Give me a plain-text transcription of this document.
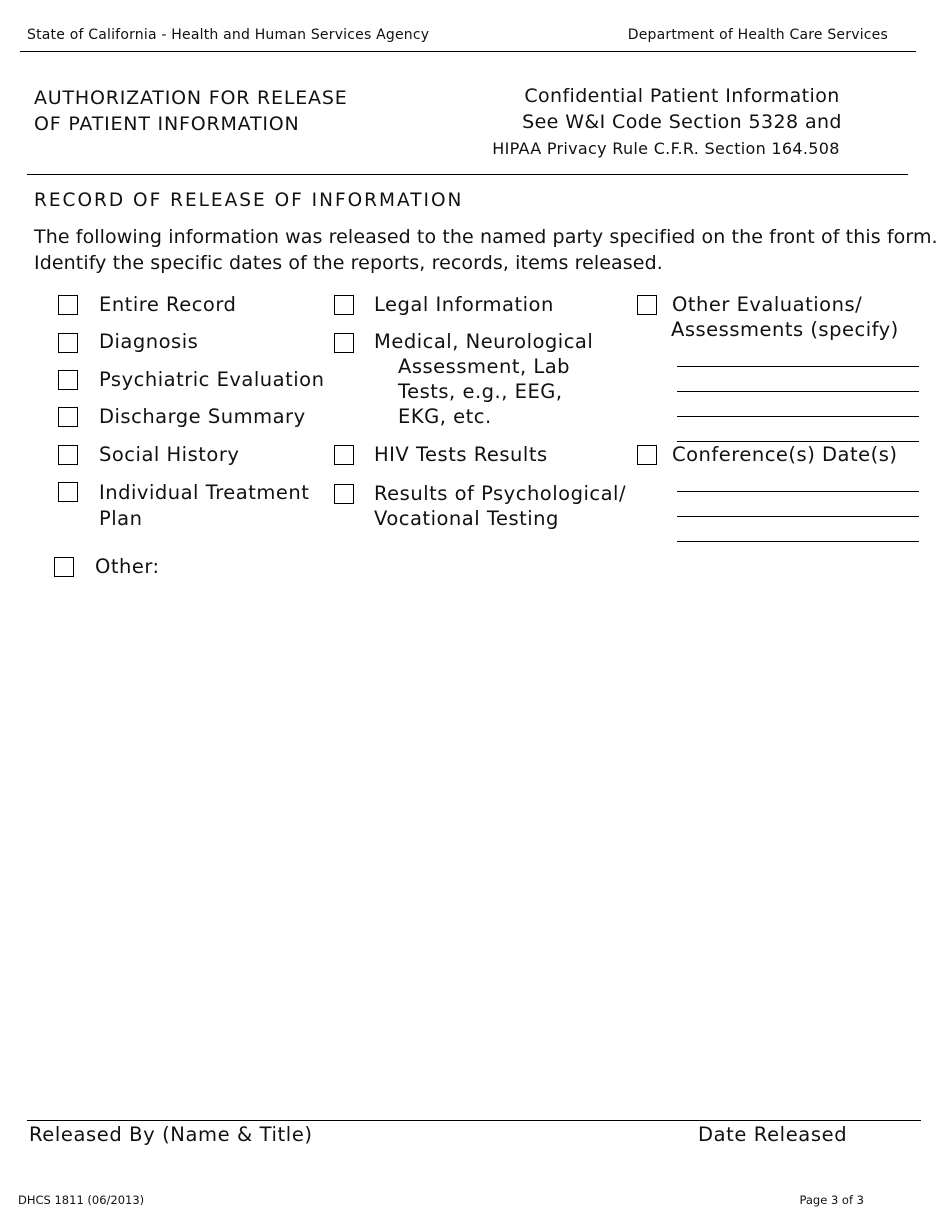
State of California - Health and Human Services Agency	Department of Health Care Services
AUTHORIZATION FOR RELEASE
OF PATIENT INFORMATION
Confidential Patient Information
See W&I Code Section 5328 and
HIPAA Privacy Rule C.F.R. Section 164.508
RECORD OF RELEASE OF INFORMATION
The following information was released to the named party specified on the front of this form.
Identify the specific dates of the reports, records, items released.
Entire Record
Diagnosis
Psychiatric Evaluation
Discharge Summary
Social History
Individual Treatment
Plan
Legal Information
Medical, Neurological
Assessment, Lab
Tests, e.g., EEG,
EKG, etc.
HIV Tests Results
Results of Psychological/
Vocational Testing
Other Evaluations/
Assessments (specify)
Conference(s) Date(s)
Other:
Released By (Name & Title)	Date Released
DHCS 1811 (06/2013)	Page 3 of 3
